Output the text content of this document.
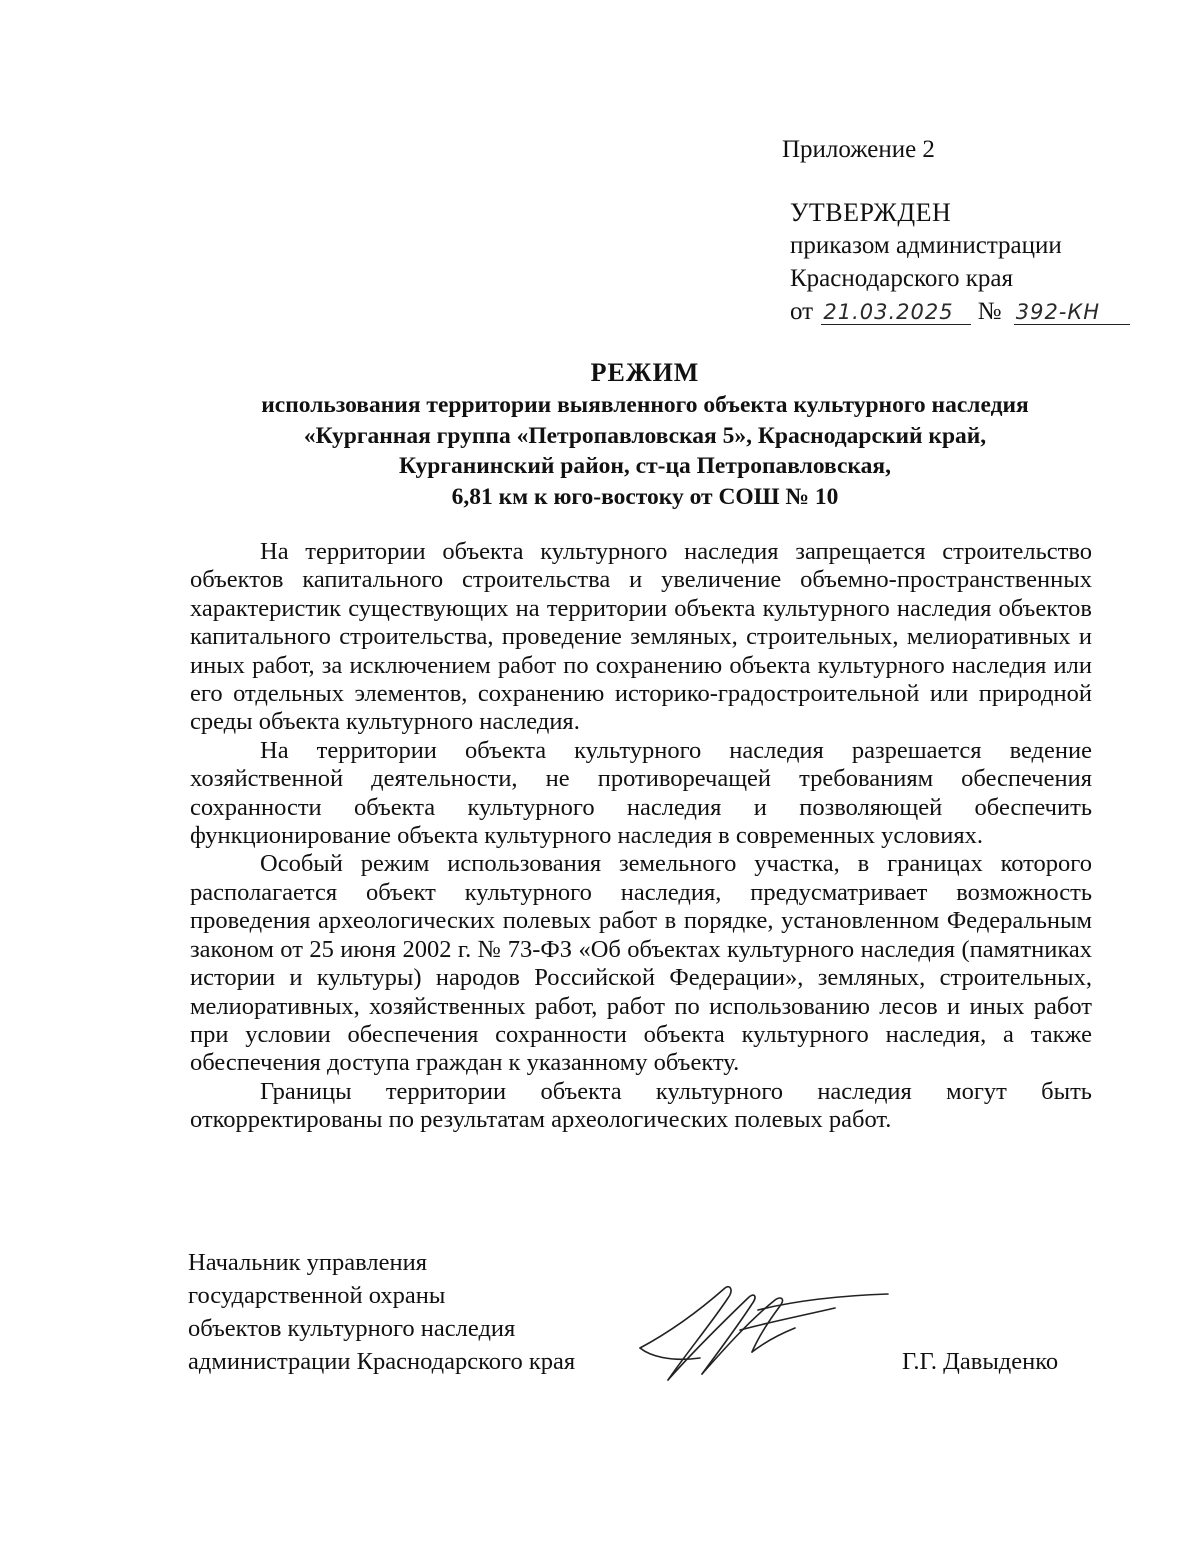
Приложение 2
УТВЕРЖДЕН
приказом администрации
Краснодарского края
от 21.03.2025 № 392-КН
РЕЖИМ
использования территории выявленного объекта культурного наследия
«Курганная группа «Петропавловская 5», Краснодарский край,
Курганинский район, ст-ца Петропавловская,
6,81 км к юго-востоку от СОШ № 10

На территории объекта культурного наследия запрещается строительство объектов капитального строительства и увеличение объемно-пространственных характеристик существующих на территории объекта культурного наследия объектов капитального строительства, проведение земляных, строительных, мелиоративных и иных работ, за исключением работ по сохранению объекта культурного наследия или его отдельных элементов, сохранению историко-градостроительной или природной среды объекта культурного наследия.

На территории объекта культурного наследия разрешается ведение хозяйственной деятельности, не противоречащей требованиям обеспечения сохранности объекта культурного наследия и позволяющей обеспечить функционирование объекта культурного наследия в современных условиях.

Особый режим использования земельного участка, в границах которого располагается объект культурного наследия, предусматривает возможность проведения археологических полевых работ в порядке, установленном Федеральным законом от 25 июня 2002 г. № 73-ФЗ «Об объектах культурного наследия (памятниках истории и культуры) народов Российской Федерации», земляных, строительных, мелиоративных, хозяйственных работ, работ по использованию лесов и иных работ при условии обеспечения сохранности объекта культурного наследия, а также обеспечения доступа граждан к указанному объекту.

Границы территории объекта культурного наследия могут быть откорректированы по результатам археологических полевых работ.

Начальник управления
государственной охраны
объектов культурного наследия
администрации Краснодарского края	Г.Г. Давыденко
